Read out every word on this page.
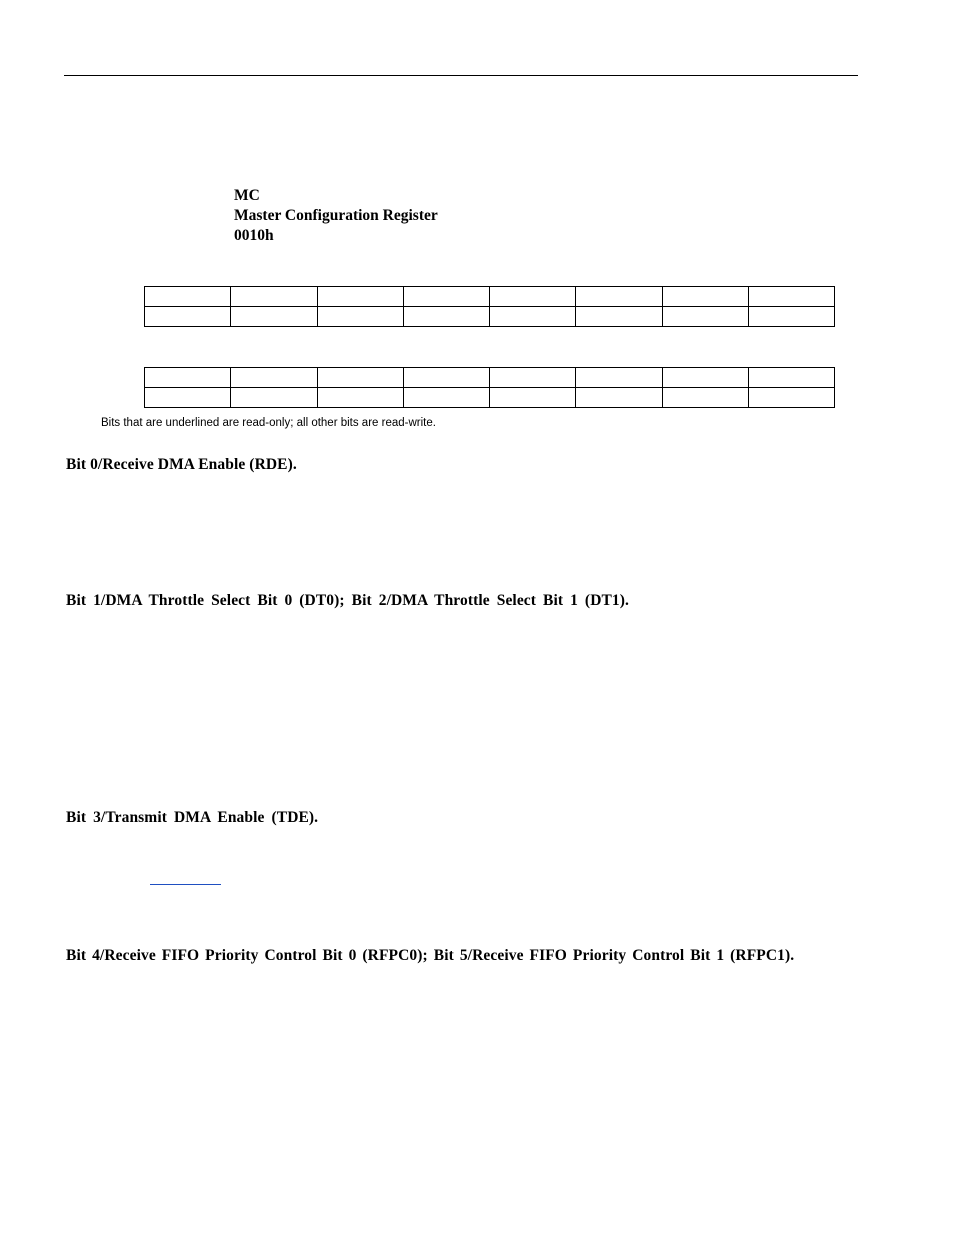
MC
Master Configuration Register
0010h

Bits that are underlined are read-only; all other bits are read-write.
Bit 0/Receive DMA Enable (RDE).
Bit 1/DMA Throttle Select Bit 0 (DT0); Bit 2/DMA Throttle Select Bit 1 (DT1).
Bit 3/Transmit DMA Enable (TDE).
Bit 4/Receive FIFO Priority Control Bit 0 (RFPC0); Bit 5/Receive FIFO Priority Control Bit 1 (RFPC1).
